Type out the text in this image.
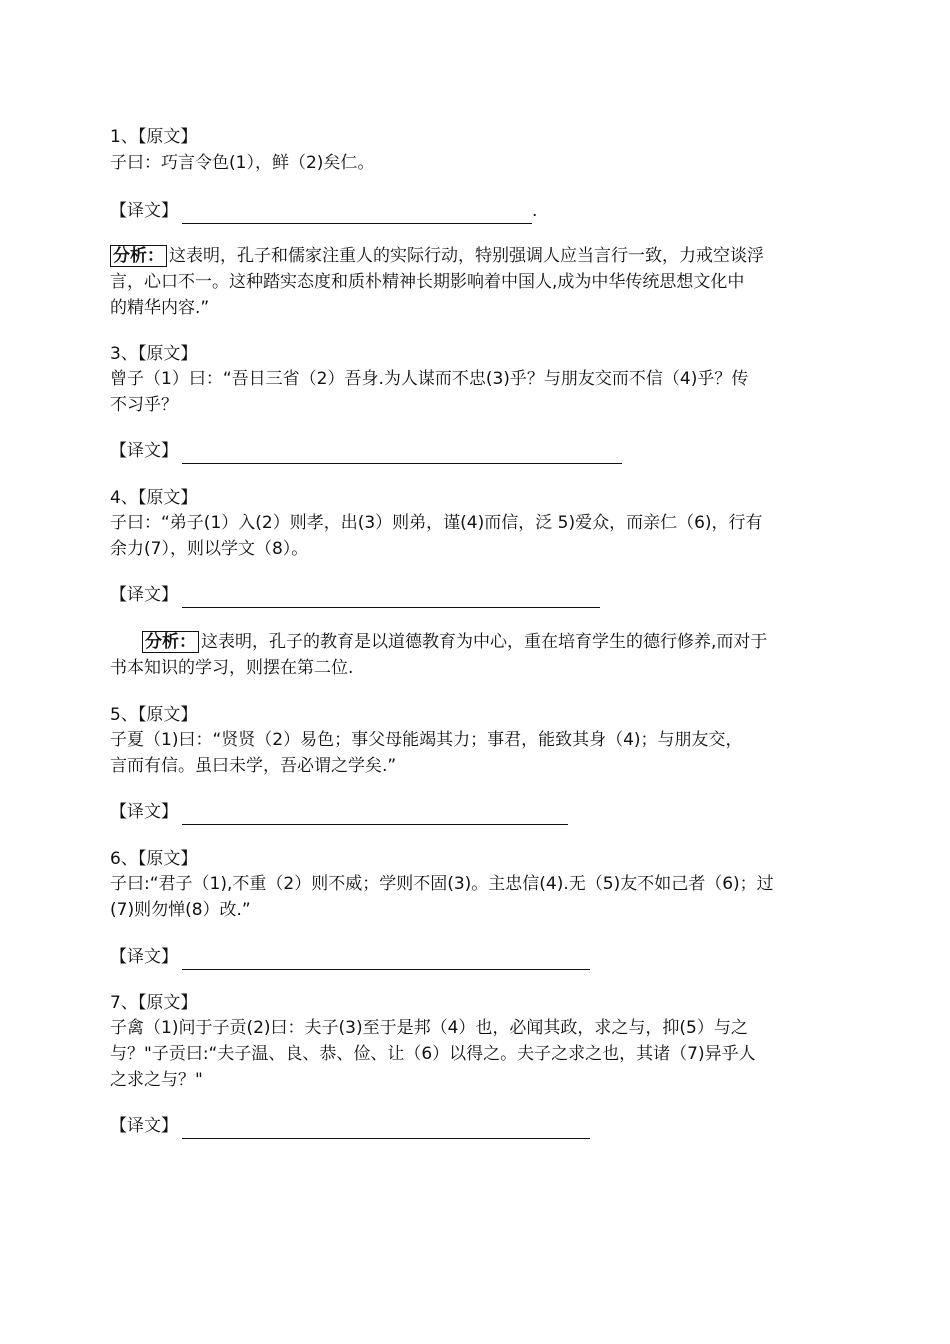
1、【原文】
子曰：巧言令色(1），鲜（2)矣仁。
【译文】	.
分析： 这表明，孔子和儒家注重人的实际行动，特别强调人应当言行一致，力戒空谈浮
言，心口不一。这种踏实态度和质朴精神长期影响着中国人,成为中华传统思想文化中
的精华内容.”
3、【原文】
曾子（1）曰：“吾日三省（2）吾身.为人谋而不忠(3)乎？与朋友交而不信（4)乎？传
不习乎？
【译文】
4、【原文】
子曰：“弟子(1）入(2）则孝，出(3）则弟，谨(4)而信，泛 5)爱众，而亲仁（6)，行有
余力(7），则以学文（8）。
【译文】
分析： 这表明，孔子的教育是以道德教育为中心，重在培育学生的德行修养,而对于
书本知识的学习，则摆在第二位.
5、【原文】
子夏（1)曰：“贤贤（2）易色；事父母能竭其力；事君，能致其身（4)；与朋友交，
言而有信。虽曰未学，吾必谓之学矣.”
【译文】
6、【原文】
子曰:“君子（1),不重（2）则不威；学则不固(3)。主忠信(4).无（5)友不如己者（6)；过
(7)则勿惮(8）改.”
【译文】
7、【原文】
子禽（1)问于子贡(2)曰：夫子(3)至于是邦（4）也，必闻其政，求之与，抑(5）与之
与？"子贡曰:“夫子温、良、恭、俭、让（6）以得之。夫子之求之也，其诸（7)异乎人
之求之与？"
【译文】
